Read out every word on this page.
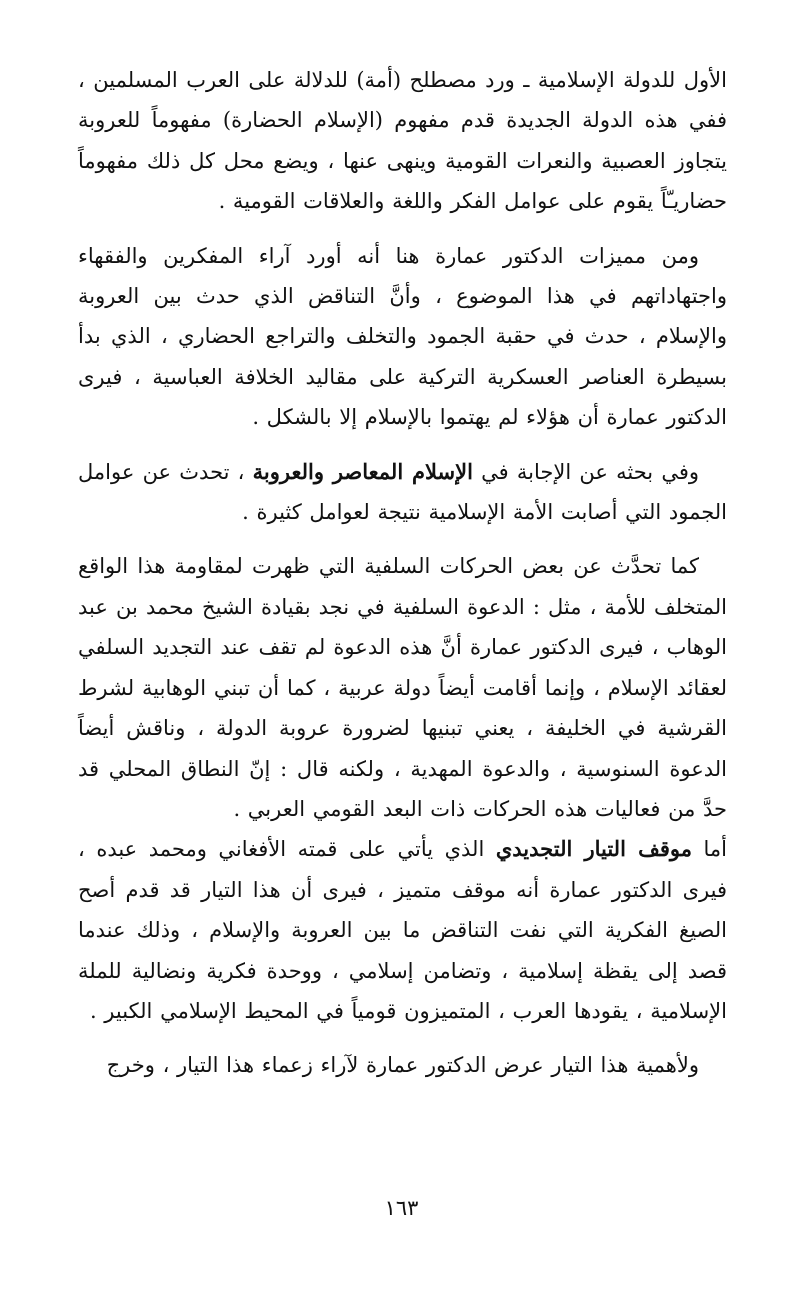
الأول للدولة الإسلامية ـ ورد مصطلح (أمة) للدلالة على العرب المسلمين ، ففي هذه الدولة الجديدة قدم مفهوم (الإسلام الحضارة) مفهوماً للعروبة يتجاوز العصبية والنعرات القومية وينهى عنها ، ويضع محل كل ذلك مفهوماً حضاريـّاً يقوم على عوامل الفكر واللغة والعلاقات القومية .

ومن مميزات الدكتور عمارة هنا أنه أورد آراء المفكرين والفقهاء واجتهاداتهم في هذا الموضوع ، وأنَّ التناقض الذي حدث بين العروبة والإسلام ، حدث في حقبة الجمود والتخلف والتراجع الحضاري ، الذي بدأ بسيطرة العناصر العسكرية التركية على مقاليد الخلافة العباسية ، فيرى الدكتور عمارة أن هؤلاء لم يهتموا بالإسلام إلا بالشكل .

وفي بحثه عن الإجابة في الإسلام المعاصر والعروبة ، تحدث عن عوامل الجمود التي أصابت الأمة الإسلامية نتيجة لعوامل كثيرة .

كما تحدَّث عن بعض الحركات السلفية التي ظهرت لمقاومة هذا الواقع المتخلف للأمة ، مثل : الدعوة السلفية في نجد بقيادة الشيخ محمد بن عبد الوهاب ، فيرى الدكتور عمارة أنَّ هذه الدعوة لم تقف عند التجديد السلفي لعقائد الإسلام ، وإنما أقامت أيضاً دولة عربية ، كما أن تبني الوهابية لشرط القرشية في الخليفة ، يعني تبنيها لضرورة عروبة الدولة ، وناقش أيضاً الدعوة السنوسية ، والدعوة المهدية ، ولكنه قال : إنّ النطاق المحلي قد حدَّ من فعاليات هذه الحركات ذات البعد القومي العربي .

أما موقف التيار التجديدي الذي يأتي على قمته الأفغاني ومحمد عبده ، فيرى الدكتور عمارة أنه موقف متميز ، فيرى أن هذا التيار قد قدم أصح الصيغ الفكرية التي نفت التناقض ما بين العروبة والإسلام ، وذلك عندما قصد إلى يقظة إسلامية ، وتضامن إسلامي ، ووحدة فكرية ونضالية للملة الإسلامية ، يقودها العرب ، المتميزون قومياً في المحيط الإسلامي الكبير .

ولأهمية هذا التيار عرض الدكتور عمارة لآراء زعماء هذا التيار ، وخرج

١٦٣
